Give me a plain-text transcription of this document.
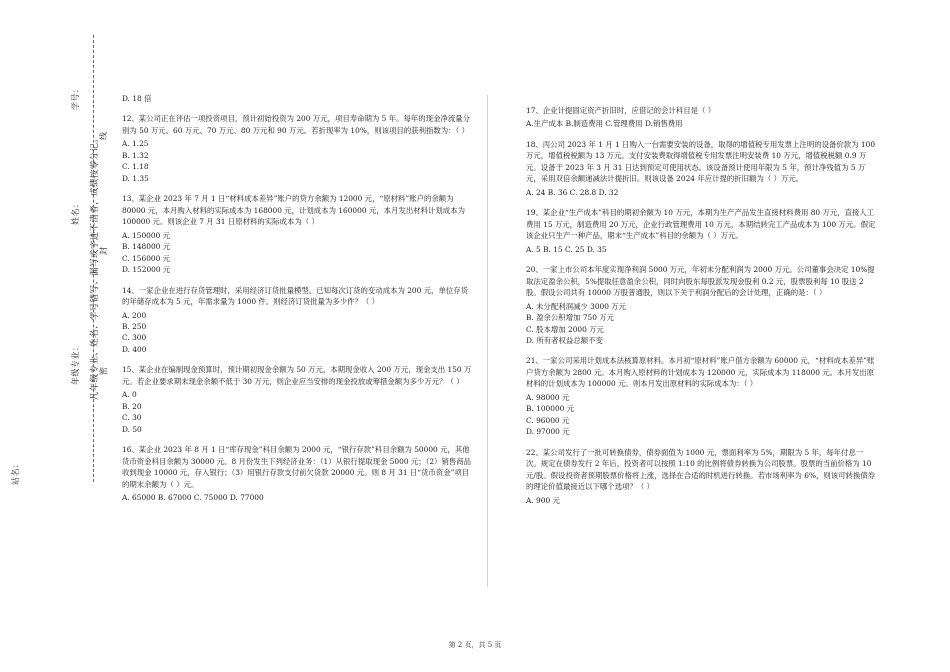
学号：
姓名：
年级专业：
站名：
凡年级专业、姓名、学号错写、漏写或字迹不清者，成绩按零分记。 密
封
线

D. 18 倍

12、某公司正在评估一项投资项目，预计初始投资为 200 万元，项目寿命期为 5 年。每年的现金净流量分别为 50 万元、60 万元、70 万元、80 万元和 90 万元。若折现率为 10%，则该项目的获利指数为：（ ）

A. 1.25

B. 1.32

C. 1.18

D. 1.35

13、某企业 2023 年 7 月 1 日“材料成本差异”账户的贷方余额为 12000 元，“原材料”账户的余额为 80000 元，本月购入材料的实际成本为 168000 元，计划成本为 160000 元，本月发出材料计划成本为 100000 元。则该企业 7 月 31 日原材料的实际成本为（ ）

A. 150000 元

B. 148000 元

C. 156000 元

D. 152000 元

14、一家企业在进行存货管理时，采用经济订货批量模型。已知每次订货的变动成本为 200 元，单位存货的年储存成本为 5 元，年需求量为 1000 件。则经济订货批量为多少件？（ ）

A. 200

B. 250

C. 300

D. 400

15、某企业在编制现金预算时，预计期初现金余额为 50 万元，本期现金收入 200 万元，现金支出 150 万元。若企业要求期末现金余额不低于 30 万元，则企业应当安排的现金投放或筹措金额为多少万元？（ ）

A. 0

B. 20

C. 30

D. 50

16、某企业 2023 年 8 月 1 日“库存现金”科目余额为 2000 元，“银行存款”科目余额为 50000 元，其他货币资金科目余额为 30000 元。8 月份发生下列经济业务：（1）从银行提取现金 5000 元；（2）销售商品收到现金 10000 元，存入银行；（3）用银行存款支付前欠货款 20000 元。则 8 月 31 日“货币资金”项目的期末余额为（ ）元。

A. 65000 B. 67000 C. 75000 D. 77000

17、企业计提固定资产折旧时，应借记的会计科目是（ ）

A.生产成本 B.制造费用 C.管理费用 D.销售费用

18、丙公司 2023 年 1 月 1 日购入一台需要安装的设备，取得的增值税专用发票上注明的设备价款为 100 万元，增值税税额为 13 万元。支付安装费取得增值税专用发票注明安装费 10 万元，增值税税额 0.9 万元。设备于 2023 年 3 月 31 日达到预定可使用状态。该设备预计使用年限为 5 年，预计净残值为 5 万元，采用双倍余额递减法计提折旧。则该设备 2024 年应计提的折旧额为（ ）万元。

A. 24 B. 36 C. 28.8 D. 32

19、某企业“生产成本”科目的期初余额为 10 万元，本期为生产产品发生直接材料费用 80 万元，直接人工费用 15 万元，制造费用 20 万元，企业行政管理费用 10 万元，本期结转完工产品成本为 100 万元。假定该企业只生产一种产品，期末“生产成本”科目的余额为（ ）万元。

A. 5 B. 15 C. 25 D. 35

20、一家上市公司本年度实现净利润 5000 万元，年初未分配利润为 2000 万元。公司董事会决定 10%提取法定盈余公积，5%提取任意盈余公积，同时向股东每股派发现金股利 0.2 元，股票股利每 10 股送 2 股。假设公司共有 10000 万股普通股，则以下关于利润分配后的会计处理，正确的是：（ ）

A. 未分配利润减少 3000 万元

B. 盈余公积增加 750 万元

C. 股本增加 2000 万元

D. 所有者权益总额不变

21、一家公司采用计划成本法核算原材料。本月初“原材料”账户借方余额为 60000 元，“材料成本差异”账户贷方余额为 2800 元。本月购入原材料的计划成本为 120000 元，实际成本为 118000 元。本月发出原材料的计划成本为 100000 元。则本月发出原材料的实际成本为：（ ）

A. 98000 元

B. 100000 元

C. 96000 元

D. 97000 元

22、某公司发行了一批可转换债券，债券面值为 1000 元，票面利率为 5%，期限为 5 年，每年付息一次。规定在债券发行 2 年后，投资者可以按照 1:10 的比例将债券转换为公司股票。股票的当前价格为 10 元/股。假设投资者预期股票价格将上涨，选择在合适的时机进行转换。若市场利率为 6%，则该可转换债券的理论价值最接近以下哪个选项？（ ）

A. 900 元

第 2 页，共 5 页
